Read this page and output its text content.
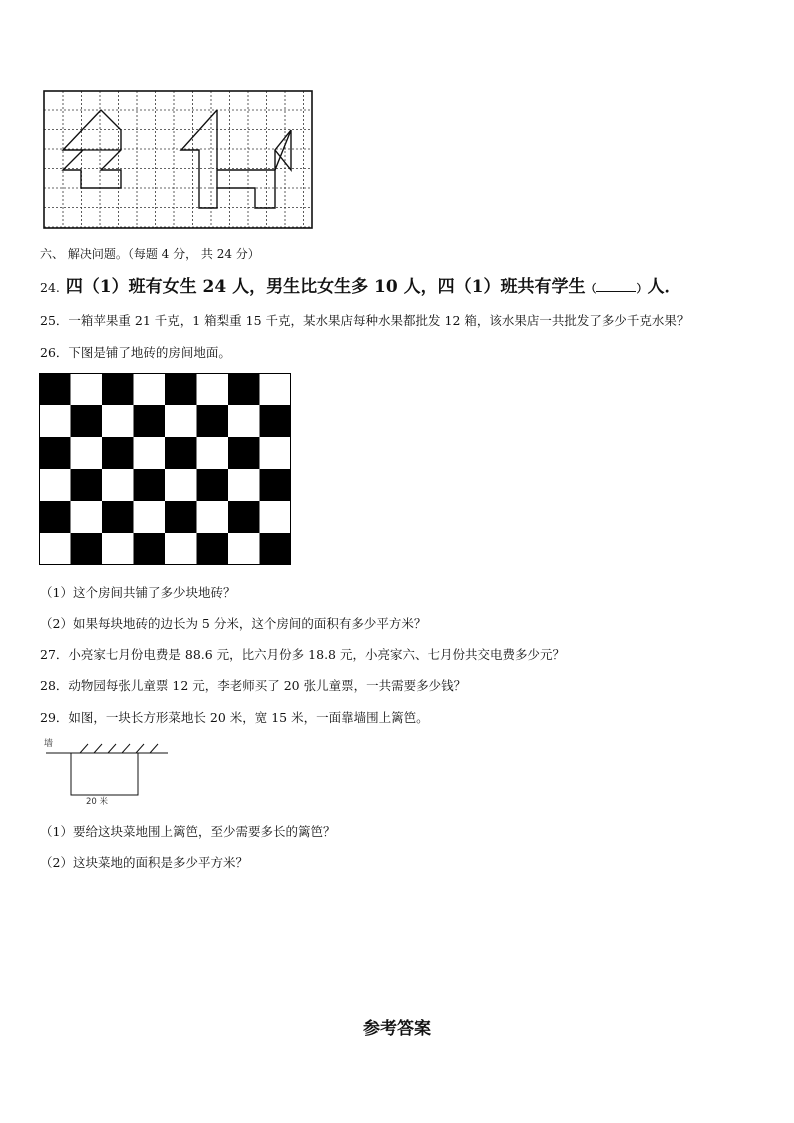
六、 解决问题。（每题 4 分， 共 24 分）
24. 四（1）班有女生 24 人，男生比女生多 10 人，四（1）班共有学生（	）人．
25．一箱苹果重 21 千克，1 箱梨重 15 千克，某水果店每种水果都批发 12 箱，该水果店一共批发了多少千克水果？
26．下图是铺了地砖的房间地面。
（1）这个房间共铺了多少块地砖？
（2）如果每块地砖的边长为 5 分米，这个房间的面积有多少平方米？
27．小亮家七月份电费是 88.6 元，比六月份多 18.8 元，小亮家六、七月份共交电费多少元？
28．动物园每张儿童票 12 元，李老师买了 20 张儿童票，一共需要多少钱？
29．如图，一块长方形菜地长 20 米，宽 15 米，一面靠墙围上篱笆。
墙
20 米
（1）要给这块菜地围上篱笆，至少需要多长的篱笆？
（2）这块菜地的面积是多少平方米？
参考答案
